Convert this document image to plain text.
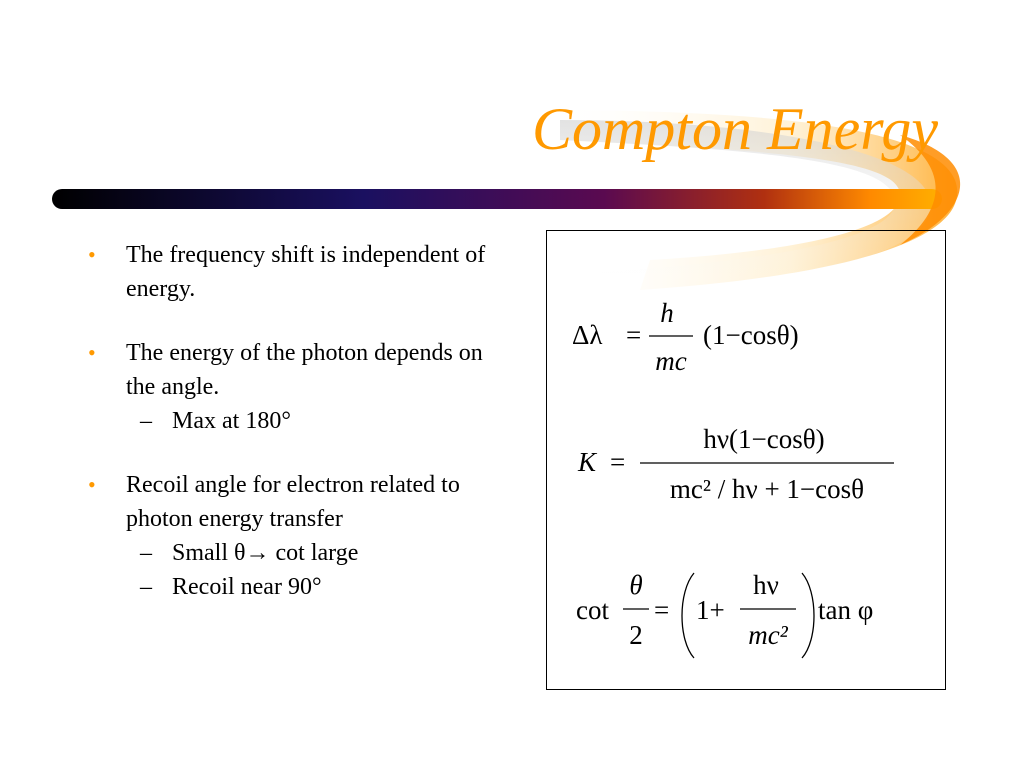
Compton Energy
• The frequency shift is independent of energy.
• The energy of the photon depends on the angle.
– Max at 180°
• Recoil angle for electron related to photon energy transfer
– Small θ→ cot large
– Recoil near 90°
Δλ =
h
mc
(1−cosθ)
K =
hν(1−cosθ)
mc² / hν + 1−cosθ
cot
θ
2
= 1+
hν
mc²
tan φ
